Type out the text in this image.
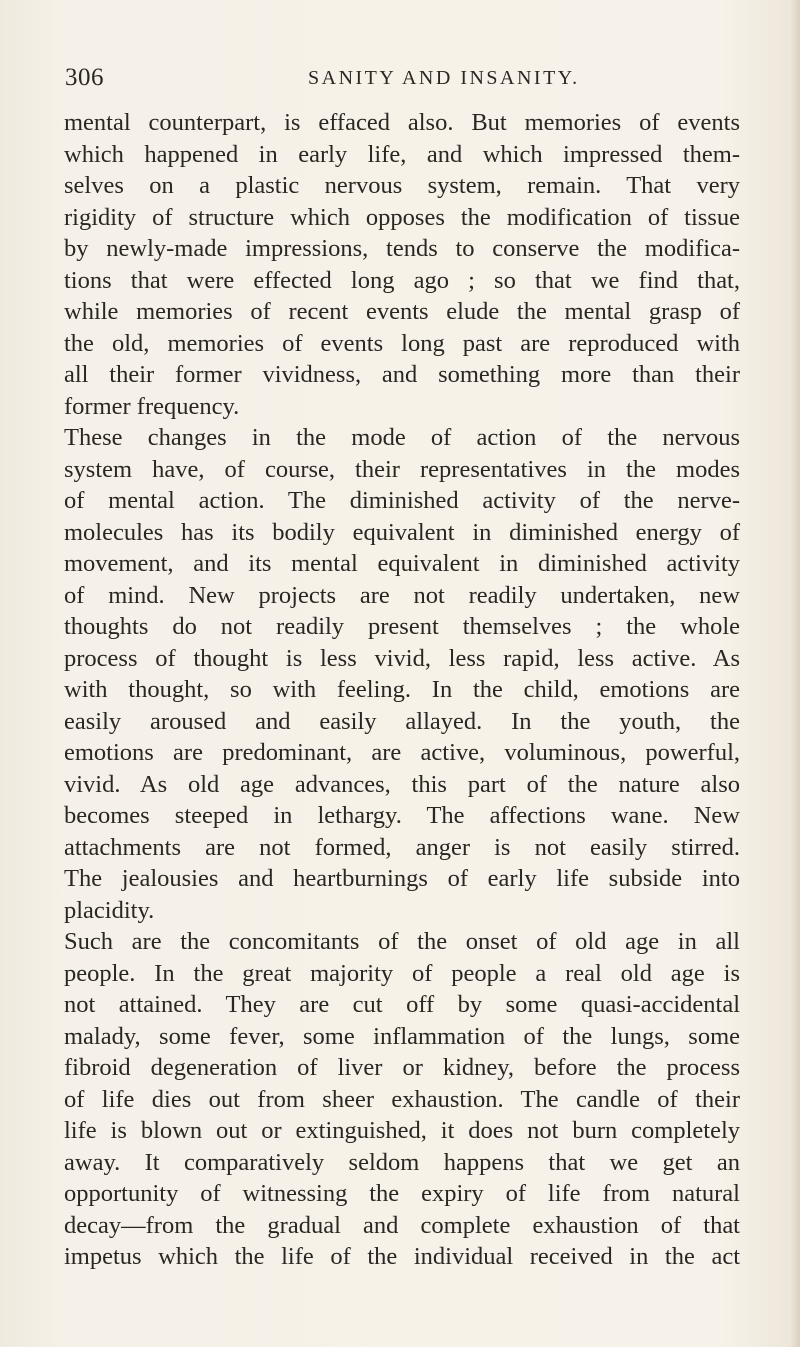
306	SANITY AND INSANITY.
mental counterpart, is effaced also. But memories of events
which happened in early life, and which impressed them-
selves on a plastic nervous system, remain. That very
rigidity of structure which opposes the modification of tissue
by newly-made impressions, tends to conserve the modifica-
tions that were effected long ago ; so that we find that,
while memories of recent events elude the mental grasp of
the old, memories of events long past are reproduced with
all their former vividness, and something more than their
former frequency.
These changes in the mode of action of the nervous
system have, of course, their representatives in the modes
of mental action. The diminished activity of the nerve-
molecules has its bodily equivalent in diminished energy of
movement, and its mental equivalent in diminished activity
of mind. New projects are not readily undertaken, new
thoughts do not readily present themselves ; the whole
process of thought is less vivid, less rapid, less active. As
with thought, so with feeling. In the child, emotions are
easily aroused and easily allayed. In the youth, the
emotions are predominant, are active, voluminous, powerful,
vivid. As old age advances, this part of the nature also
becomes steeped in lethargy. The affections wane. New
attachments are not formed, anger is not easily stirred.
The jealousies and heartburnings of early life subside into
placidity.
Such are the concomitants of the onset of old age in all
people. In the great majority of people a real old age is
not attained. They are cut off by some quasi-accidental
malady, some fever, some inflammation of the lungs, some
fibroid degeneration of liver or kidney, before the process
of life dies out from sheer exhaustion. The candle of their
life is blown out or extinguished, it does not burn completely
away. It comparatively seldom happens that we get an
opportunity of witnessing the expiry of life from natural
decay—from the gradual and complete exhaustion of that
impetus which the life of the individual received in the act
